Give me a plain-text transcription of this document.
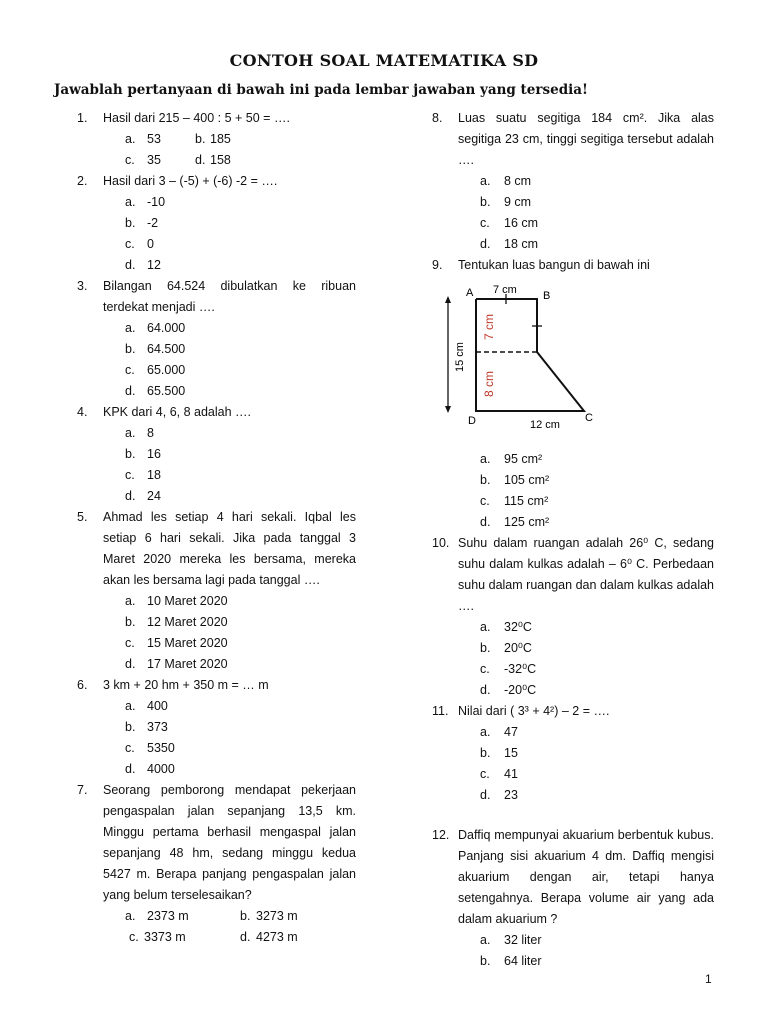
CONTOH SOAL MATEMATIKA SD
Jawablah pertanyaan di bawah ini pada lembar jawaban yang tersedia!
1. Hasil dari 215 – 400 : 5 + 50 = ….
a. 53	b. 185
c. 35	d. 158
2. Hasil dari 3 – (-5) + (-6) -2 = ….
a. -10
b. -2
c. 0
d. 12
3. Bilangan 64.524 dibulatkan ke ribuan terdekat menjadi ….
a. 64.000
b. 64.500
c. 65.000
d. 65.500
4. KPK dari 4, 6, 8 adalah ….
a. 8
b. 16
c. 18
d. 24
5. Ahmad les setiap 4 hari sekali. Iqbal les setiap 6 hari sekali. Jika pada tanggal 3 Maret 2020 mereka les bersama, mereka akan les bersama lagi pada tanggal ….
a. 10 Maret 2020
b. 12 Maret 2020
c. 15 Maret 2020
d. 17 Maret 2020
6. 3 km + 20 hm + 350 m = … m
a. 400
b. 373
c. 5350
d. 4000
7. Seorang pemborong mendapat pekerjaan pengaspalan jalan sepanjang 13,5 km. Minggu pertama berhasil mengaspal jalan sepanjang 48 hm, sedang minggu kedua 5427 m. Berapa panjang pengaspalan jalan yang belum terselesaikan?
a. 2373 m	b. 3273 m
c. 3373 m	d. 4273 m
8. Luas suatu segitiga 184 cm². Jika alas segitiga 23 cm, tinggi segitiga tersebut adalah ….
a. 8 cm
b. 9 cm
c. 16 cm
d. 18 cm
9. Tentukan luas bangun di bawah ini
A	B
C
D
7 cm
12 cm
15 cm
7 cm
8 cm
a. 95 cm²
b. 105 cm²
c. 115 cm²
d. 125 cm²
10. Suhu dalam ruangan adalah 26⁰ C, sedang suhu dalam kulkas adalah – 6⁰ C. Perbedaan suhu dalam ruangan dan dalam kulkas adalah ….
a. 32⁰C
b. 20⁰C
c. -32⁰C
d. -20⁰C
11. Nilai dari ( 3³ + 4²) – 2 = ….
a. 47
b. 15
c. 41
d. 23
12. Daffiq mempunyai akuarium berbentuk kubus. Panjang sisi akuarium 4 dm. Daffiq mengisi akuarium dengan air, tetapi hanya setengahnya. Berapa volume air yang ada dalam akuarium ?
a. 32 liter
b. 64 liter
1
